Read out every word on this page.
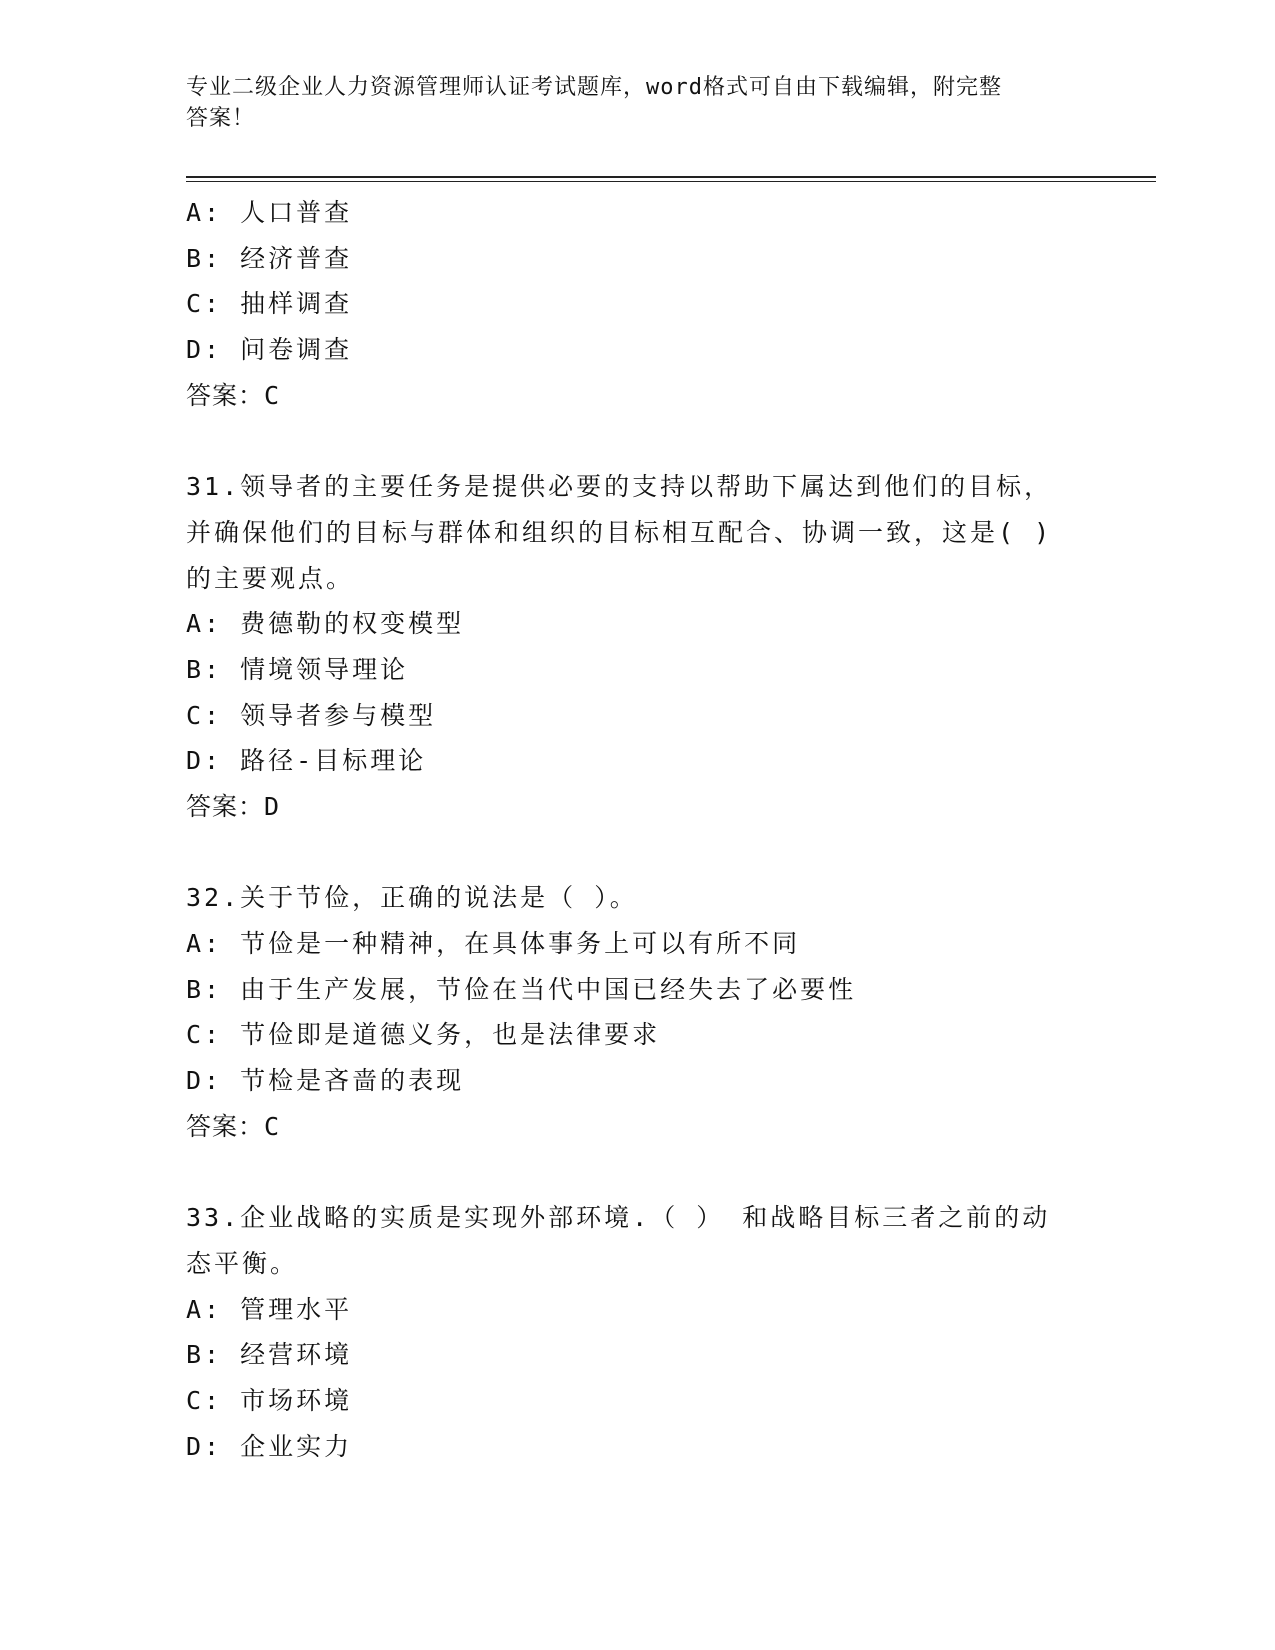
专业二级企业人力资源管理师认证考试题库，word格式可自由下载编辑，附完整
答案！
A: 人口普查
B: 经济普查
C: 抽样调查
D: 问卷调查
答案：C
31.领导者的主要任务是提供必要的支持以帮助下属达到他们的目标，
并确保他们的目标与群体和组织的目标相互配合、协调一致，这是( )
的主要观点。
A: 费德勒的权变模型
B: 情境领导理论
C: 领导者参与模型
D: 路径-目标理论
答案：D
32.关于节俭，正确的说法是（ ）。
A: 节俭是一种精神，在具体事务上可以有所不同
B: 由于生产发展，节俭在当代中国已经失去了必要性
C: 节俭即是道德义务，也是法律要求
D: 节检是吝啬的表现
答案：C
33.企业战略的实质是实现外部环境.（ ） 和战略目标三者之前的动
态平衡。
A: 管理水平
B: 经营环境
C: 市场环境
D: 企业实力
